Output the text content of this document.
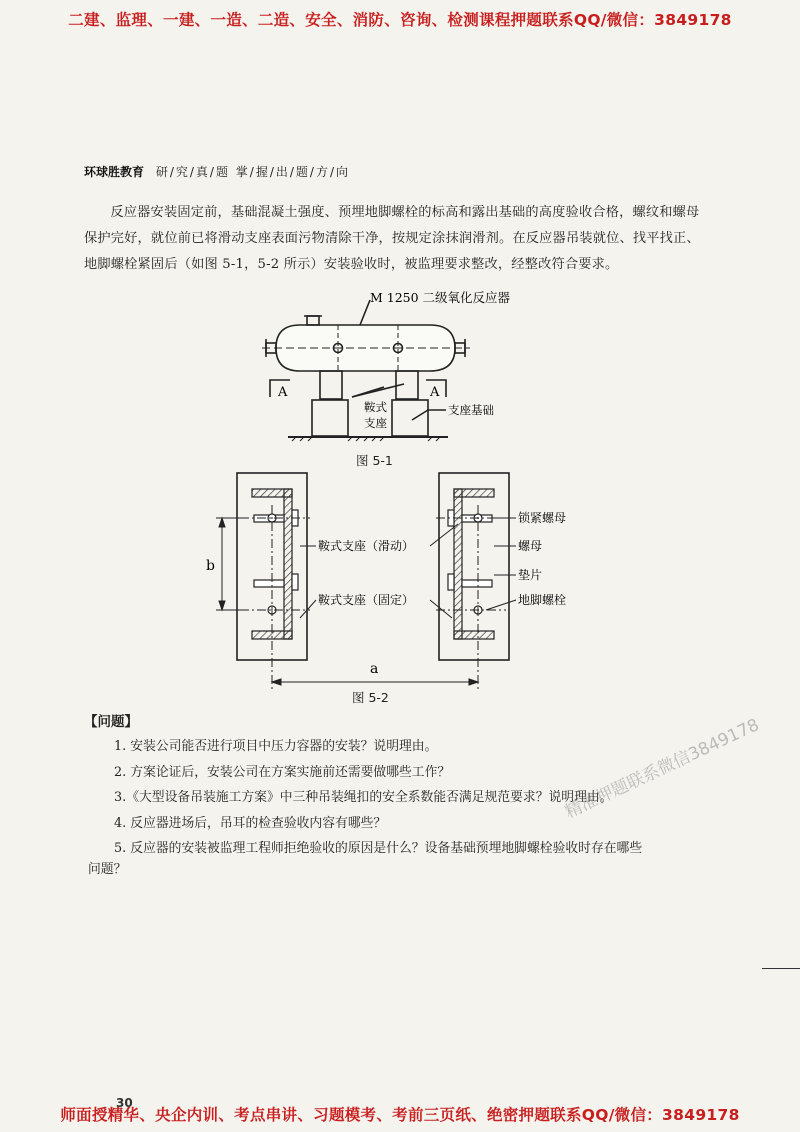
二建、监理、一建、一造、二造、安全、消防、咨询、检测课程押题联系QQ/微信：3849178
环球胜教育 研/究/真/题 掌/握/出/题/方/向

反应器安装固定前，基础混凝土强度、预埋地脚螺栓的标高和露出基础的高度验收合格，螺纹和螺母保护完好，就位前已将滑动支座表面污物清除干净，按规定涂抹润滑剂。在反应器吊装就位、找平找正、地脚螺栓紧固后（如图 5-1，5-2 所示）安装验收时，被监理要求整改，经整改符合要求。

M 1250 二级氧化反应器
A	A
鞍式
支座
支座基础
图 5-1
b
a
鞍式支座（滑动）
鞍式支座（固定）
锁紧螺母
螺母
垫片
地脚螺栓
图 5-2
【问题】
1. 安装公司能否进行项目中压力容器的安装？说明理由。
2. 方案论证后，安装公司在方案实施前还需要做哪些工作？
3.《大型设备吊装施工方案》中三种吊装绳扣的安全系数能否满足规范要求？说明理由。
4. 反应器进场后，吊耳的检查验收内容有哪些？
5. 反应器的安装被监理工程师拒绝验收的原因是什么？设备基础预埋地脚螺栓验收时存在哪些
问题？
精准押题联系微信3849178
30
师面授精华、央企内训、考点串讲、习题模考、考前三页纸、绝密押题联系QQ/微信：3849178
